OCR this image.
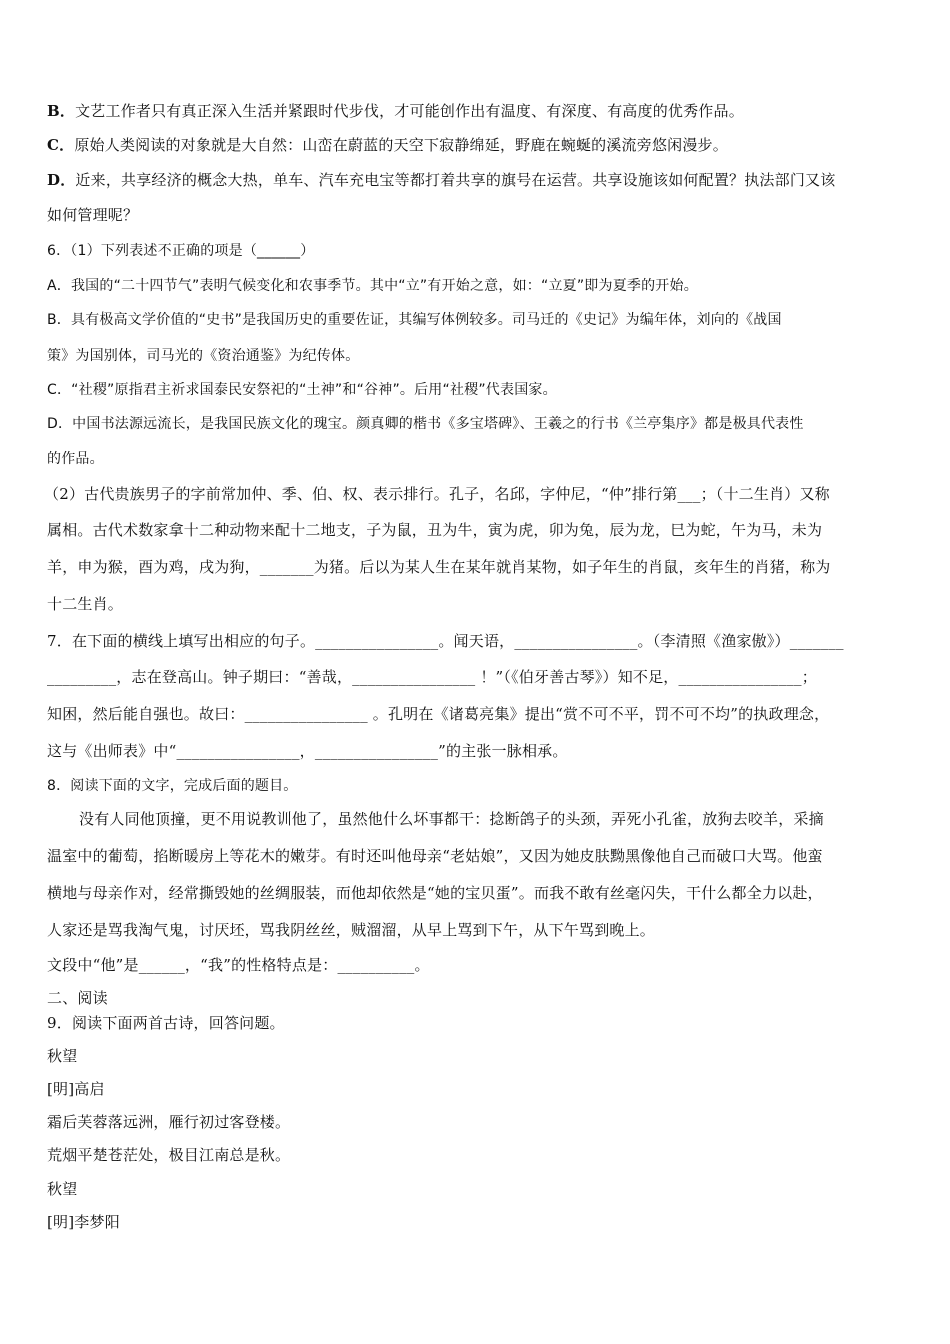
B．文艺工作者只有真正深入生活并紧跟时代步伐，才可能创作出有温度、有深度、有高度的优秀作品。
C．原始人类阅读的对象就是大自然：山峦在蔚蓝的天空下寂静绵延，野鹿在蜿蜒的溪流旁悠闲漫步。
D．近来，共享经济的概念大热，单车、汽车充电宝等都打着共享的旗号在运营。共享设施该如何配置？执法部门又该
如何管理呢？
6．（1）下列表述不正确的项是（______）
A．我国的“二十四节气”表明气候变化和农事季节。其中“立”有开始之意，如：“立夏”即为夏季的开始。
B．具有极高文学价值的“史书”是我国历史的重要佐证，其编写体例较多。司马迁的《史记》为编年体，刘向的《战国
策》为国别体，司马光的《资治通鉴》为纪传体。
C．“社稷”原指君主祈求国泰民安祭祀的“土神”和“谷神”。后用“社稷”代表国家。
D．中国书法源远流长，是我国民族文化的瑰宝。颜真卿的楷书《多宝塔碑》、王羲之的行书《兰亭集序》都是极具代表性
的作品。
（2）古代贵族男子的字前常加仲、季、伯、权、表示排行。孔子，名邱，字仲尼，“仲”排行第___；（十二生肖）又称
属相。古代术数家拿十二种动物来配十二地支，子为鼠，丑为牛，寅为虎，卯为兔，辰为龙，巳为蛇，午为马，未为
羊，申为猴，酉为鸡，戌为狗，_______为猪。后以为某人生在某年就肖某物，如子年生的肖鼠，亥年生的肖猪，称为
十二生肖。
7．在下面的横线上填写出相应的句子。________________。闻天语，________________。（李清照《渔家傲》）_______
_________，志在登高山。钟子期曰：“善哉，________________ ！”（《伯牙善古琴》）知不足，________________；
知困，然后能自强也。故曰：________________ 。孔明在《诸葛亮集》提出“赏不可不平，罚不可不均”的执政理念，
这与《出师表》中“________________，________________”的主张一脉相承。
8．阅读下面的文字，完成后面的题目。
没有人同他顶撞，更不用说教训他了，虽然他什么坏事都干：捻断鸽子的头颈，弄死小孔雀，放狗去咬羊，采摘
温室中的葡萄，掐断暖房上等花木的嫩芽。有时还叫他母亲“老姑娘”，又因为她皮肤黝黑像他自己而破口大骂。他蛮
横地与母亲作对，经常撕毁她的丝绸服装，而他却依然是“她的宝贝蛋”。而我不敢有丝毫闪失，干什么都全力以赴，
人家还是骂我淘气鬼，讨厌坯，骂我阴丝丝，贼溜溜，从早上骂到下午，从下午骂到晚上。
文段中“他”是______，“我”的性格特点是：__________。
二、阅读
9．阅读下面两首古诗，回答问题。
秋望
[明]高启
霜后芙蓉落远洲，雁行初过客登楼。
荒烟平楚苍茫处，极目江南总是秋。
秋望
[明]李梦阳
